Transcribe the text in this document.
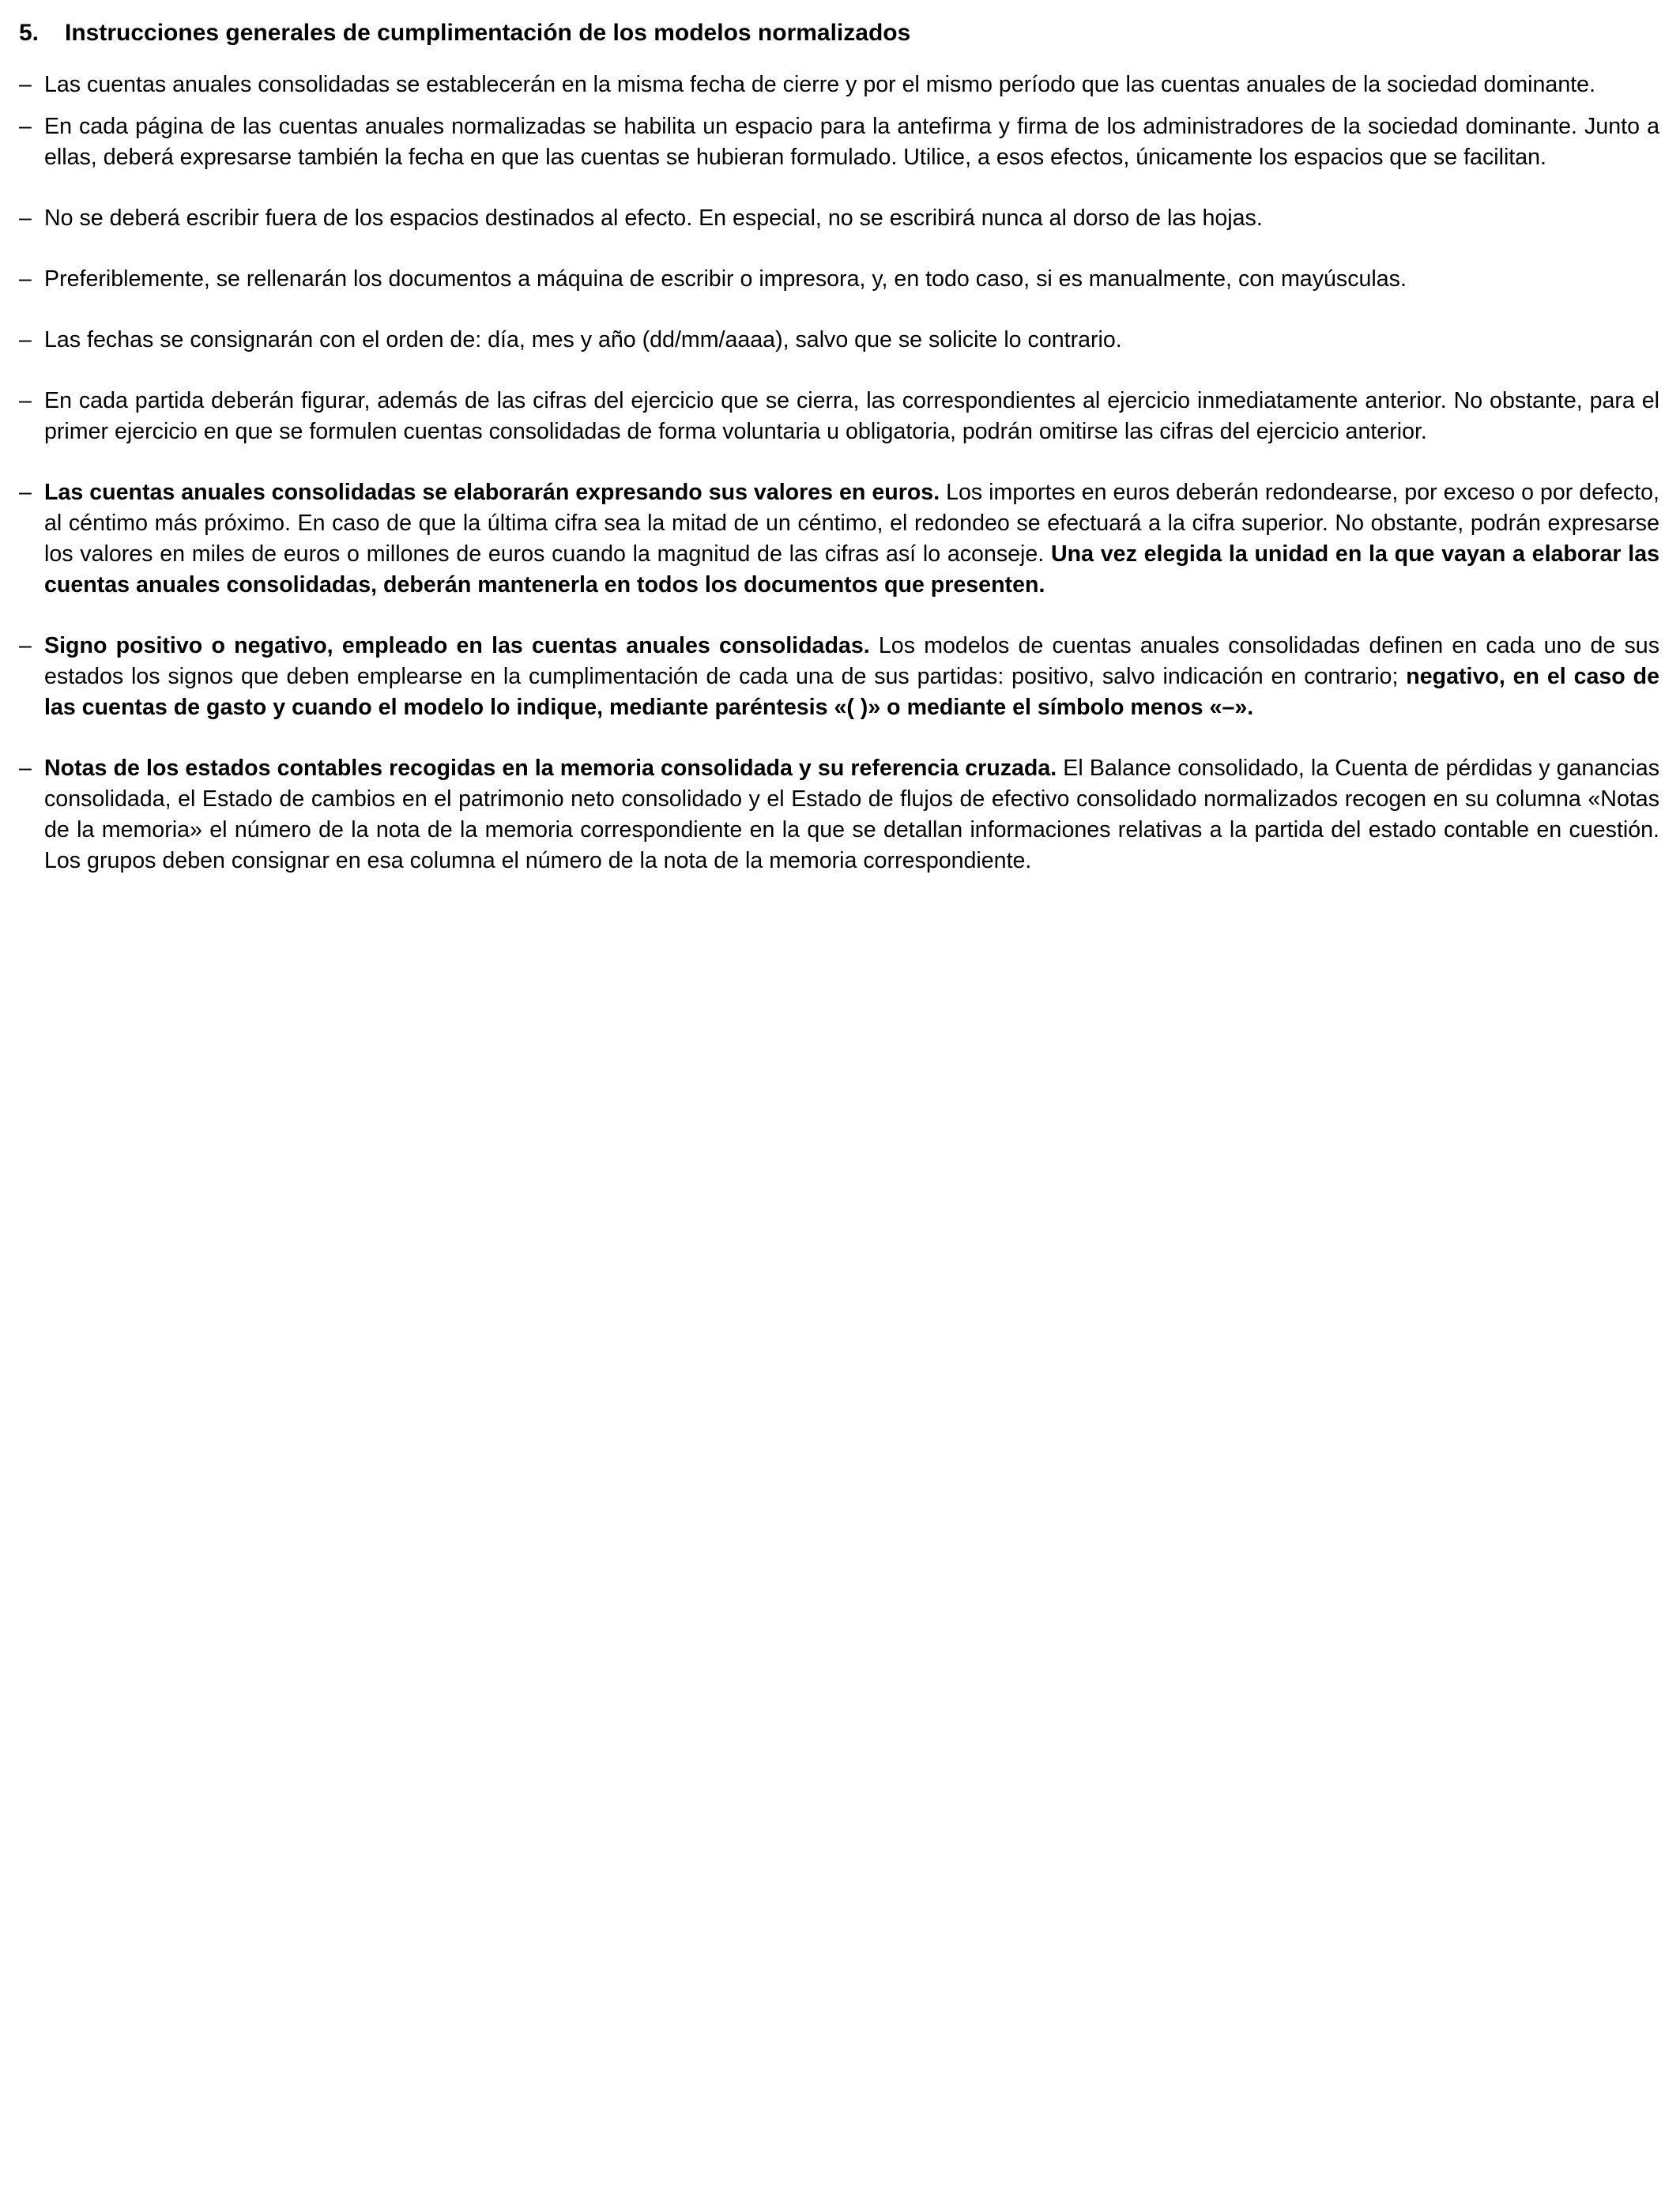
5.	Instrucciones generales de cumplimentación de los modelos normalizados
– Las cuentas anuales consolidadas se establecerán en la misma fecha de cierre y por el mismo período que las cuentas anuales de la sociedad dominante.
– En cada página de las cuentas anuales normalizadas se habilita un espacio para la antefirma y firma de los administradores de la sociedad dominante. Junto a ellas, deberá expresarse también la fecha en que las cuentas se hubieran formulado. Utilice, a esos efectos, únicamente los espacios que se facilitan.
– No se deberá escribir fuera de los espacios destinados al efecto. En especial, no se escribirá nunca al dorso de las hojas.
– Preferiblemente, se rellenarán los documentos a máquina de escribir o impresora, y, en todo caso, si es manualmente, con mayúsculas.
– Las fechas se consignarán con el orden de: día, mes y año (dd/mm/aaaa), salvo que se solicite lo contrario.
– En cada partida deberán figurar, además de las cifras del ejercicio que se cierra, las correspondientes al ejercicio inmediatamente anterior. No obstante, para el primer ejercicio en que se formulen cuentas consolidadas de forma voluntaria u obligatoria, podrán omitirse las cifras del ejercicio anterior.
– Las cuentas anuales consolidadas se elaborarán expresando sus valores en euros. Los importes en euros deberán redondearse, por exceso o por defecto, al céntimo más próximo. En caso de que la última cifra sea la mitad de un céntimo, el redondeo se efectuará a la cifra superior. No obstante, podrán expresarse los valores en miles de euros o millones de euros cuando la magnitud de las cifras así lo aconseje. Una vez elegida la unidad en la que vayan a elaborar las cuentas anuales consolidadas, deberán mantenerla en todos los documentos que presenten.
– Signo positivo o negativo, empleado en las cuentas anuales consolidadas. Los modelos de cuentas anuales consolidadas definen en cada uno de sus estados los signos que deben emplearse en la cumplimentación de cada una de sus partidas: positivo, salvo indicación en contrario; negativo, en el caso de las cuentas de gasto y cuando el modelo lo indique, mediante paréntesis «( )» o mediante el símbolo menos «–».
– Notas de los estados contables recogidas en la memoria consolidada y su referencia cruzada. El Balance consolidado, la Cuenta de pérdidas y ganancias consolidada, el Estado de cambios en el patrimonio neto consolidado y el Estado de flujos de efectivo consolidado normalizados recogen en su columna «Notas de la memoria» el número de la nota de la memoria correspondiente en la que se detallan informaciones relativas a la partida del estado contable en cuestión. Los grupos deben consignar en esa columna el número de la nota de la memoria correspondiente.
